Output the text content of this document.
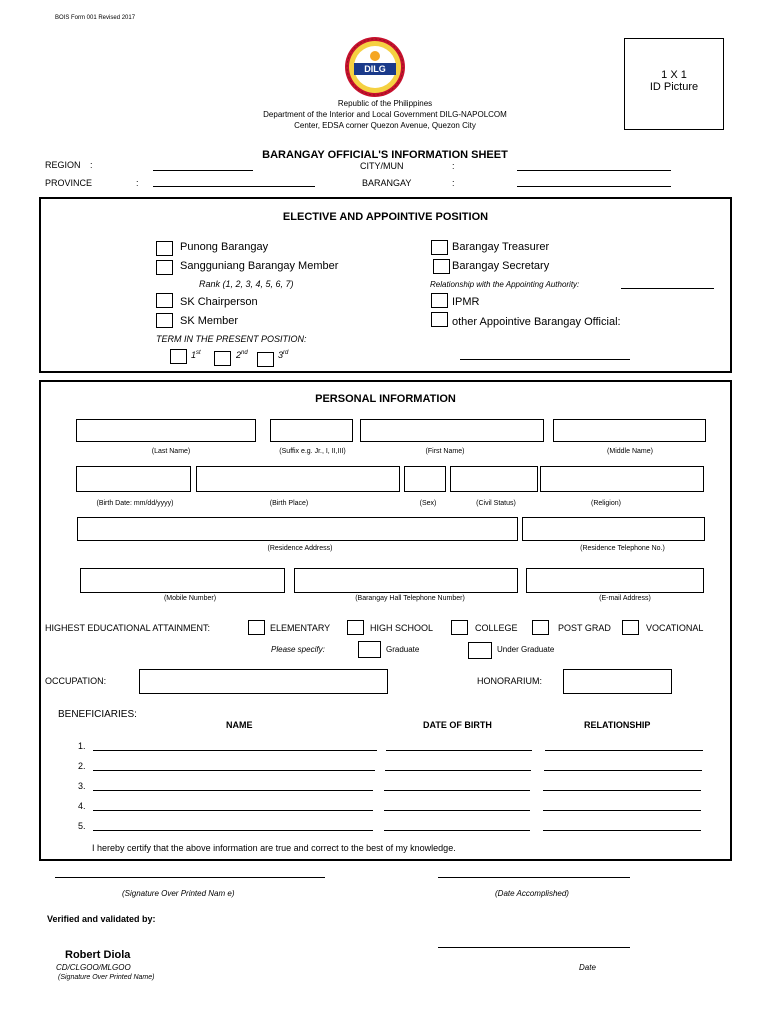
BOIS Form 001 Revised 2017
DILG	1 X 1
ID Picture
Republic of the Philippines
Department of the Interior and Local Government DILG-NAPOLCOM
Center, EDSA corner Quezon Avenue, Quezon City
BARANGAY OFFICIAL'S INFORMATION SHEET
REGION :	CITY/MUN	:
PROVINCE	:	BARANGAY	:
ELECTIVE AND APPOINTIVE POSITION
Punong Barangay
Sangguniang Barangay Member
Rank (1, 2, 3, 4, 5, 6, 7)
SK Chairperson
SK Member
TERM IN THE PRESENT POSITION:
1st	2nd	3rd
Barangay Treasurer
Barangay Secretary
Relationship with the Appointing Authority:
IPMR
other Appointive Barangay Official:
PERSONAL INFORMATION
(Last Name)	(Suffix e.g. Jr., I, II,III)	(First Name)	(Middle Name)
(Birth Date: mm/dd/yyyy)	(Birth Place)	(Sex)	(Civil Status)	(Religion)
(Residence Address)	(Residence Telephone No.)
(Mobile Number)	(Barangay Hall Telephone Number)	(E-mail Address)
HIGHEST EDUCATIONAL ATTAINMENT:	ELEMENTARY	HIGH SCHOOL	COLLEGE	POST GRAD	VOCATIONAL
Please specify:	Graduate	Under Graduate
OCCUPATION:	HONORARIUM:
BENEFICIARIES:
NAME	DATE OF BIRTH	RELATIONSHIP
1.
2.
3.
4.
5.
I hereby certify that the above information are true and correct to the best of my knowledge.
(Signature Over Printed Nam e)	(Date Accomplished)
Verified and validated by:
Robert Diola
CD/CLGOO/MLGOO
(Signature Over Printed Name)
Date
